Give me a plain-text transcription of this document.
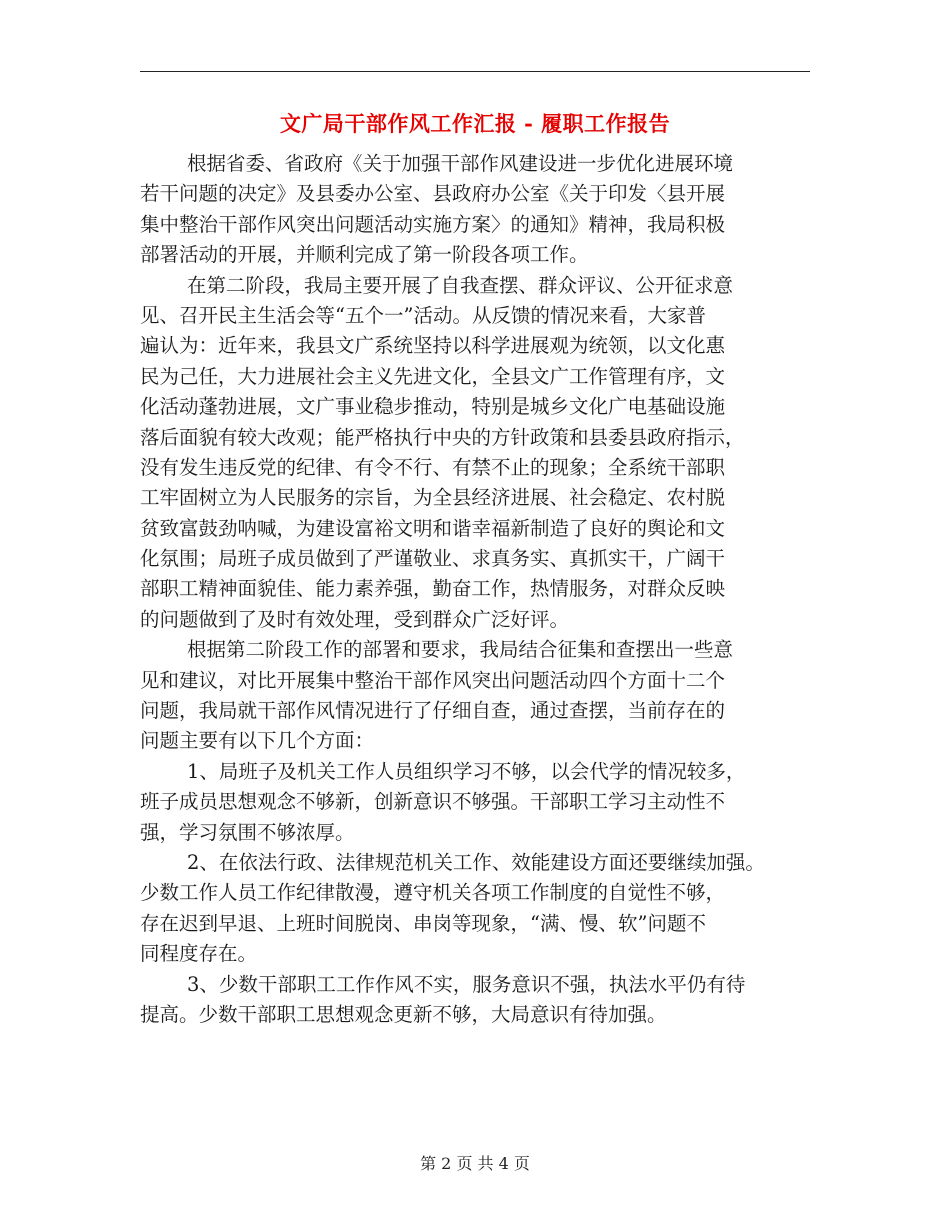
文广局干部作风工作汇报 - 履职工作报告

根据省委、省政府《关于加强干部作风建设进一步优化进展环境
若干问题的决定》及县委办公室、县政府办公室《关于印发〈县开展
集中整治干部作风突出问题活动实施方案〉的通知》精神，我局积极
部署活动的开展，并顺利完成了第一阶段各项工作。

在第二阶段，我局主要开展了自我查摆、群众评议、公开征求意
见、召开民主生活会等“五个一”活动。从反馈的情况来看，大家普
遍认为：近年来，我县文广系统坚持以科学进展观为统领，以文化惠
民为己任，大力进展社会主义先进文化，全县文广工作管理有序，文
化活动蓬勃进展，文广事业稳步推动，特别是城乡文化广电基础设施
落后面貌有较大改观；能严格执行中央的方针政策和县委县政府指示，
没有发生违反党的纪律、有令不行、有禁不止的现象；全系统干部职
工牢固树立为人民服务的宗旨，为全县经济进展、社会稳定、农村脱
贫致富鼓劲呐喊，为建设富裕文明和谐幸福新制造了良好的舆论和文
化氛围；局班子成员做到了严谨敬业、求真务实、真抓实干，广阔干
部职工精神面貌佳、能力素养强，勤奋工作，热情服务，对群众反映
的问题做到了及时有效处理，受到群众广泛好评。

根据第二阶段工作的部署和要求，我局结合征集和查摆出一些意
见和建议，对比开展集中整治干部作风突出问题活动四个方面十二个
问题，我局就干部作风情况进行了仔细自查，通过查摆，当前存在的
问题主要有以下几个方面：

1、局班子及机关工作人员组织学习不够，以会代学的情况较多，
班子成员思想观念不够新，创新意识不够强。干部职工学习主动性不
强，学习氛围不够浓厚。

2、在依法行政、法律规范机关工作、效能建设方面还要继续加强。
少数工作人员工作纪律散漫，遵守机关各项工作制度的自觉性不够，
存在迟到早退、上班时间脱岗、串岗等现象，“满、慢、软”问题不
同程度存在。

3、少数干部职工工作作风不实，服务意识不强，执法水平仍有待
提高。少数干部职工思想观念更新不够，大局意识有待加强。

第 2 页 共 4 页
